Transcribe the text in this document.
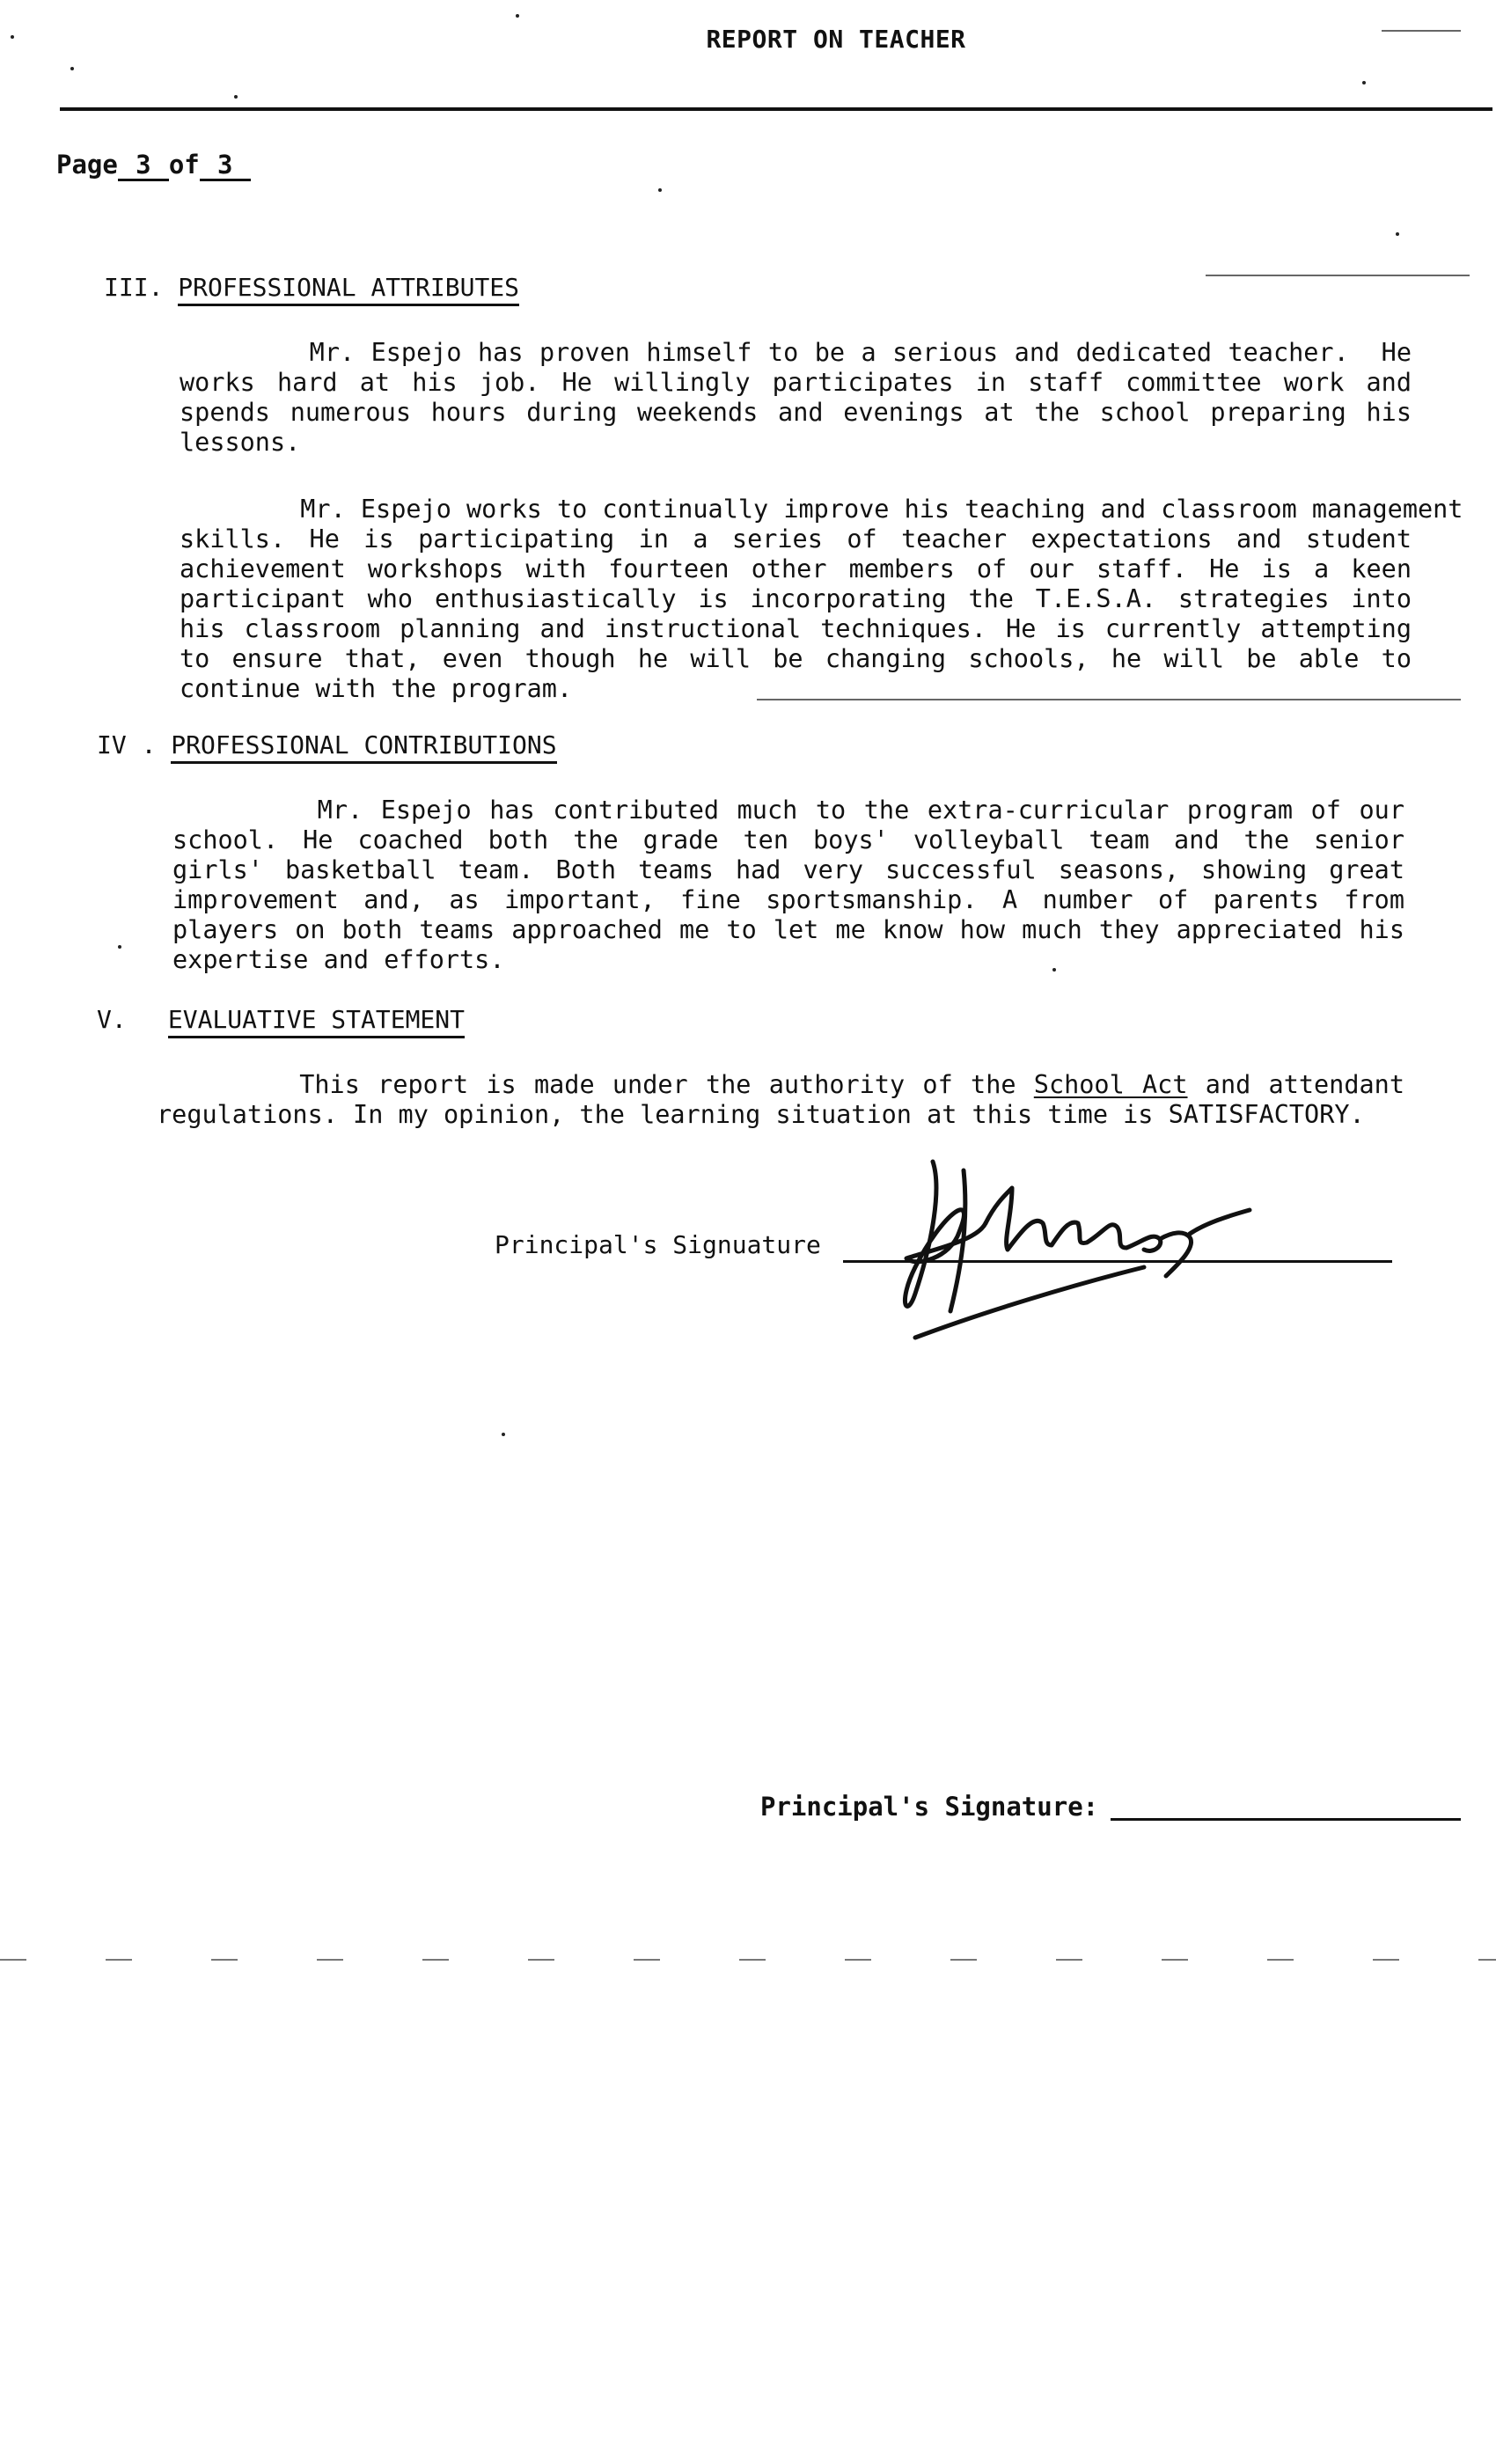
REPORT ON TEACHER
Page 3 of 3
III. PROFESSIONAL ATTRIBUTES
Mr. Espejo has proven himself to be a serious and dedicated teacher.  He
works hard at his job. He willingly participates in staff committee work and
spends numerous hours during weekends and evenings at the school preparing his
lessons.
Mr. Espejo works to continually improve his teaching and classroom management
skills. He is participating in a series of teacher expectations and student
achievement workshops with fourteen other members of our staff. He is a keen
participant who enthusiastically is incorporating the T.E.S.A. strategies into
his classroom planning and instructional techniques. He is currently attempting
to ensure that, even though he will be changing schools, he will be able to
continue with the program.
IV . PROFESSIONAL CONTRIBUTIONS
Mr. Espejo has contributed much to the extra-curricular program of our
school. He coached both the grade ten boys' volleyball team and the senior
girls' basketball team. Both teams had very successful seasons, showing great
improvement and, as important, fine sportsmanship. A number of parents from
players on both teams approached me to let me know how much they appreciated his
expertise and efforts.
V. EVALUATIVE STATEMENT
This report is made under the authority of the School Act and attendant
regulations. In my opinion, the learning situation at this time is SATISFACTORY.
Principal's Signuature
Principal's Signature:
